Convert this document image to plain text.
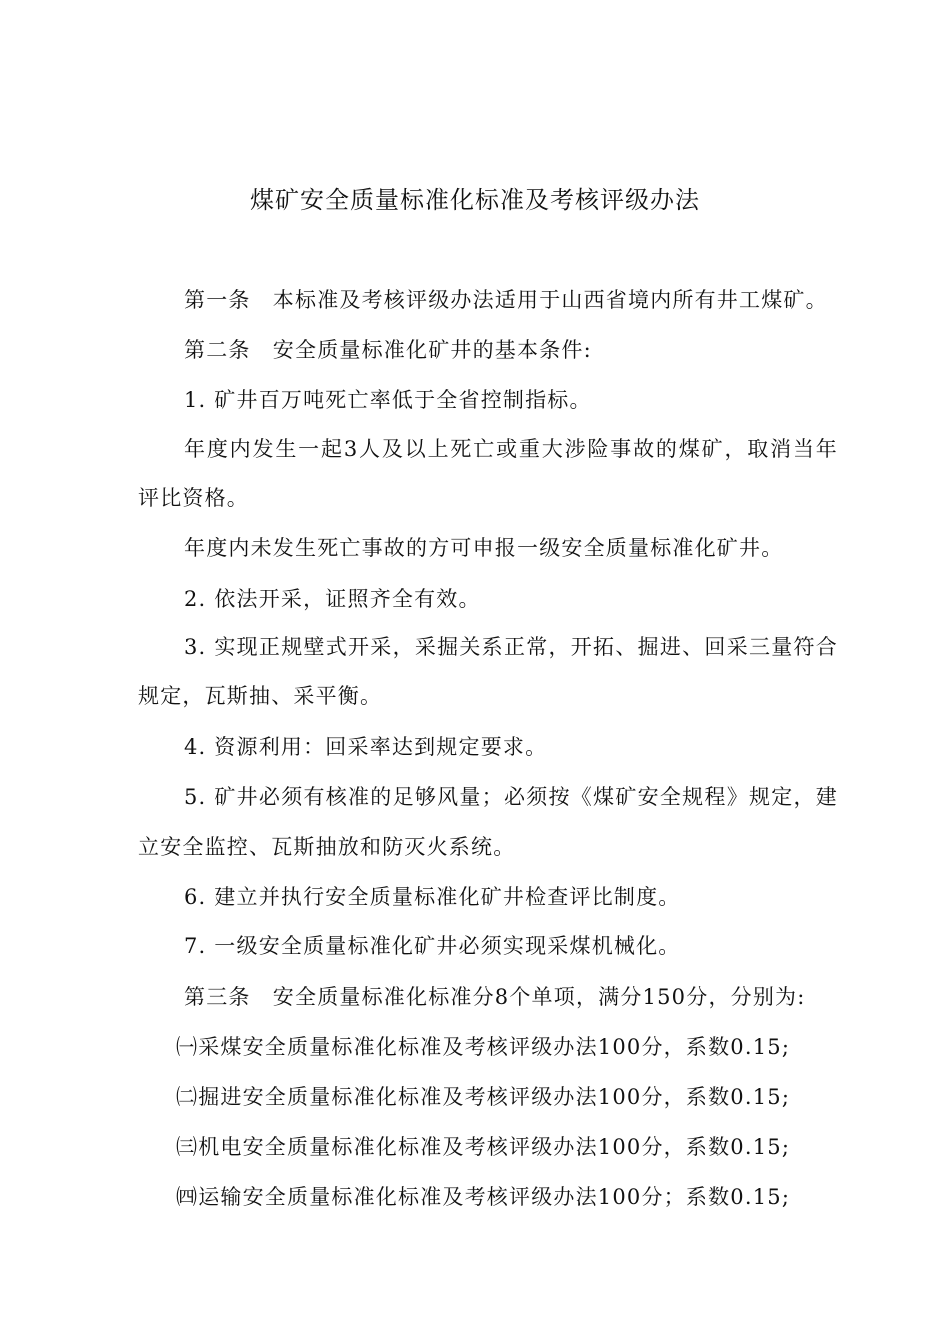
煤矿安全质量标准化标准及考核评级办法
第一条　本标准及考核评级办法适用于山西省境内所有井工煤矿。
第二条　安全质量标准化矿井的基本条件:
1. 矿井百万吨死亡率低于全省控制指标。
年度内发生一起3人及以上死亡或重大涉险事故的煤矿，取消当年
评比资格。
年度内未发生死亡事故的方可申报一级安全质量标准化矿井。
2. 依法开采，证照齐全有效。
3. 实现正规壁式开采，采掘关系正常，开拓、掘进、回采三量符合
规定，瓦斯抽、采平衡。
4. 资源利用：回采率达到规定要求。
5. 矿井必须有核准的足够风量；必须按《煤矿安全规程》规定，建
立安全监控、瓦斯抽放和防灭火系统。
6. 建立并执行安全质量标准化矿井检查评比制度。
7. 一级安全质量标准化矿井必须实现采煤机械化。
第三条　安全质量标准化标准分8个单项，满分150分，分别为:
㈠采煤安全质量标准化标准及考核评级办法100分，系数0.15;
㈡掘进安全质量标准化标准及考核评级办法100分，系数0.15;
㈢机电安全质量标准化标准及考核评级办法100分，系数0.15;
㈣运输安全质量标准化标准及考核评级办法100分；系数0.15;
